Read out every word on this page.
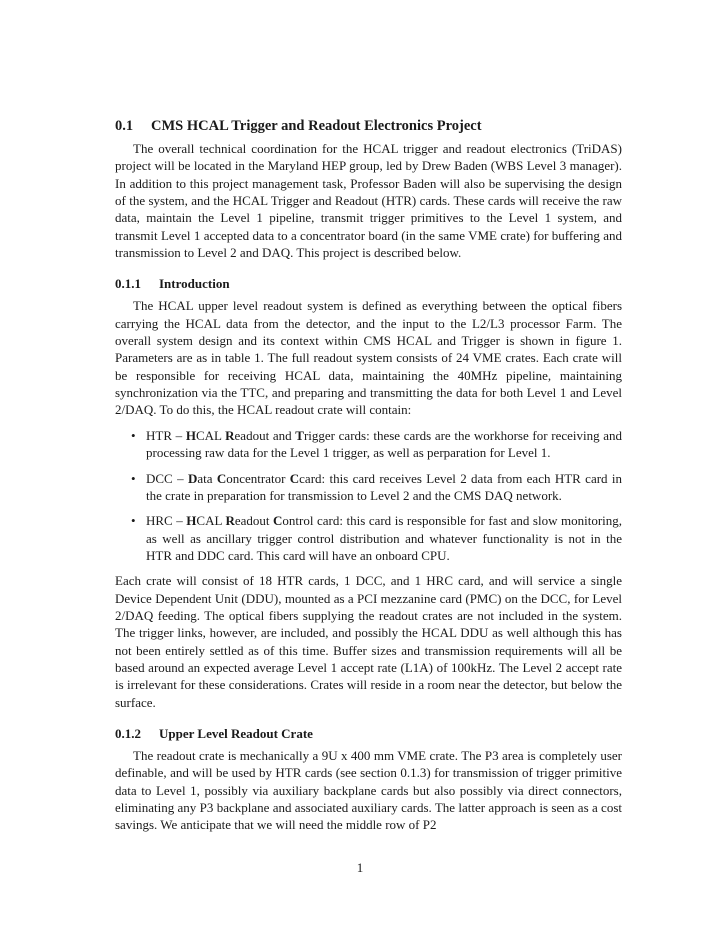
0.1 CMS HCAL Trigger and Readout Electronics Project

The overall technical coordination for the HCAL trigger and readout electronics (TriDAS) project will be located in the Maryland HEP group, led by Drew Baden (WBS Level 3 manager). In addition to this project management task, Professor Baden will also be supervising the design of the system, and the HCAL Trigger and Readout (HTR) cards. These cards will receive the raw data, maintain the Level 1 pipeline, transmit trigger primitives to the Level 1 system, and transmit Level 1 accepted data to a concentrator board (in the same VME crate) for buffering and transmission to Level 2 and DAQ. This project is described below.

0.1.1 Introduction

The HCAL upper level readout system is defined as everything between the optical fibers carrying the HCAL data from the detector, and the input to the L2/L3 processor Farm. The overall system design and its context within CMS HCAL and Trigger is shown in figure 1. Parameters are as in table 1. The full readout system consists of 24 VME crates. Each crate will be responsible for receiving HCAL data, maintaining the 40MHz pipeline, maintaining synchronization via the TTC, and preparing and transmitting the data for both Level 1 and Level 2/DAQ. To do this, the HCAL readout crate will contain:

• HTR – HCAL Readout and Trigger cards: these cards are the workhorse for receiving and processing raw data for the Level 1 trigger, as well as perparation for Level 1.
• DCC – Data Concentrator Ccard: this card receives Level 2 data from each HTR card in the crate in preparation for transmission to Level 2 and the CMS DAQ network.
• HRC – HCAL Readout Control card: this card is responsible for fast and slow monitoring, as well as ancillary trigger control distribution and whatever functionality is not in the HTR and DDC card. This card will have an onboard CPU.

Each crate will consist of 18 HTR cards, 1 DCC, and 1 HRC card, and will service a single Device Dependent Unit (DDU), mounted as a PCI mezzanine card (PMC) on the DCC, for Level 2/DAQ feeding. The optical fibers supplying the readout crates are not included in the system. The trigger links, however, are included, and possibly the HCAL DDU as well although this has not been entirely settled as of this time. Buffer sizes and transmission requirements will all be based around an expected average Level 1 accept rate (L1A) of 100kHz. The Level 2 accept rate is irrelevant for these considerations. Crates will reside in a room near the detector, but below the surface.

0.1.2 Upper Level Readout Crate

The readout crate is mechanically a 9U x 400 mm VME crate. The P3 area is completely user definable, and will be used by HTR cards (see section 0.1.3) for transmission of trigger primitive data to Level 1, possibly via auxiliary backplane cards but also possibly via direct connectors, eliminating any P3 backplane and associated auxiliary cards. The latter approach is seen as a cost savings. We anticipate that we will need the middle row of P2

1
